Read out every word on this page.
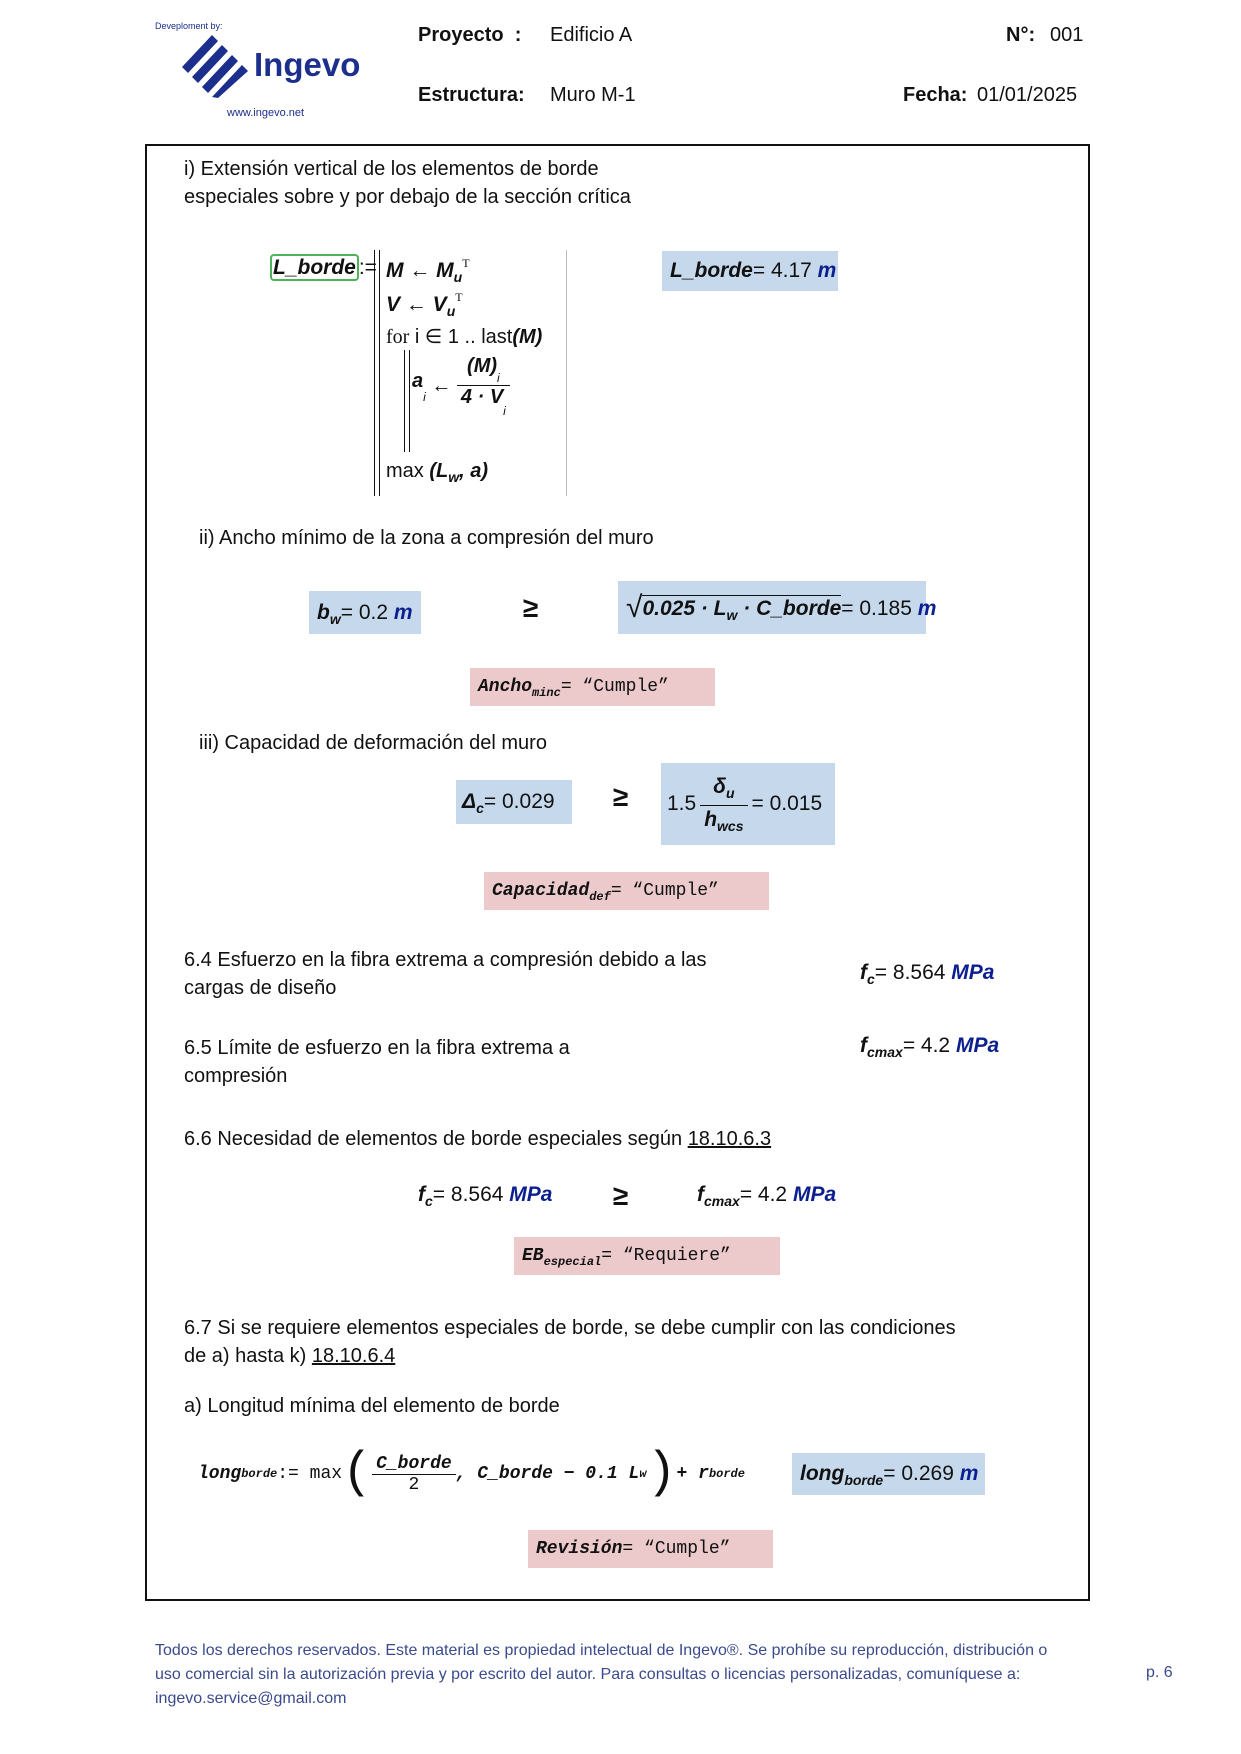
Deveploment by:
Ingevo
www.ingevo.net
Proyecto  : Edificio A
Estructura: Muro M-1
N°: 001
Fecha: 01/01/2025
i) Extensión vertical de los elementos de borde
especiales sobre y por debajo de la sección crítica
L_borde := M ← $M_u^T$
V ← $V_u^T$
for i ∈ 1 .. last(M)
$a_i$ ← $\frac{(M)_i}{4 \cdot V_i}$
$\max (L_w$, a)
L_borde= 4.17 m
ii) Ancho mínimo de la zona a compresión del muro
$b_w= 0.2$ m	≥	$√0.025 \cdot L_w$ · C_borde= 0.185 m
Ancho$_{minc}$= “Cumple”
iii) Capacidad de deformación del muro
$\Delta_c= 0.029$	≥ $1.5 \frac{\delta_u}{h_{wcs}} = 0.015$
Capacidad$_{def}$= “Cumple”
6.4 Esfuerzo en la fibra extrema a compresión debido a las
cargas de diseño
$f_c= 8.564$ MPa
6.5 Límite de esfuerzo en la fibra extrema a
compresión
$f_{cmax}= 4.2$ MPa
6.6 Necesidad de elementos de borde especiales según 18.10.6.3
$f_c= 8.564$ MPa ≥	$f_{cmax}= 4.2$ MPa
$EB_{especial}=$ “Requiere”
6.7 Si se requiere elementos especiales de borde, se debe cumplir con las condiciones
de a) hasta k) 18.10.6.4
a) Longitud mínima del elemento de borde
long borde := max ( $\frac{\text{C\_borde}}{2}$ , C_borde − 0.1 L w ) + r borde	long$_{borde}$= 0.269 m
Revisión= “Cumple”
Todos los derechos reservados. Este material es propiedad intelectual de Ingevo®. Se prohíbe su reproducción, distribución o
uso comercial sin la autorización previa y por escrito del autor. Para consultas o licencias personalizadas, comuníquese a:
ingevo.service@gmail.com
p. 6
